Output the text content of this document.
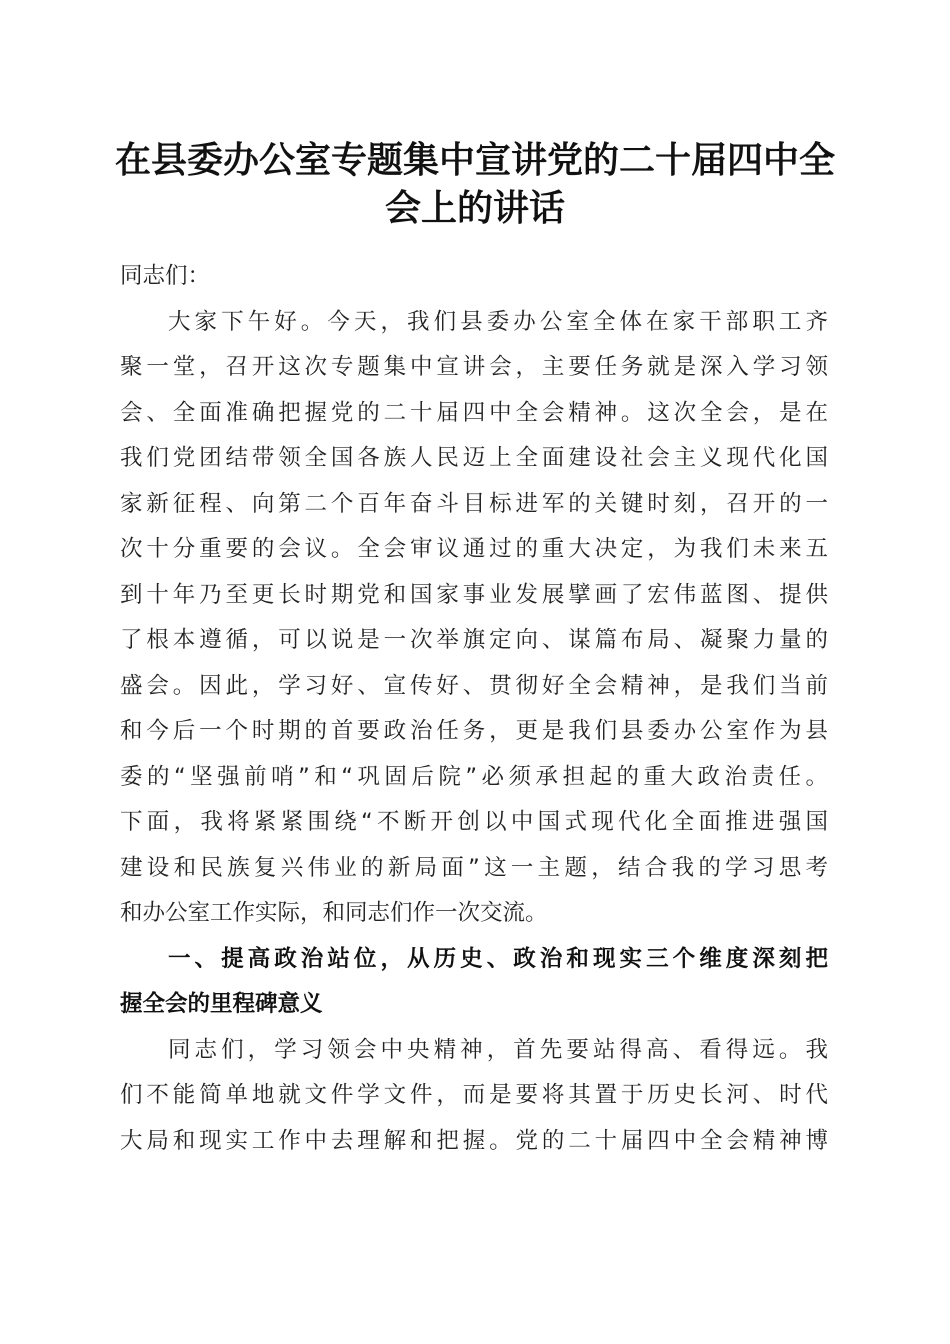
在县委办公室专题集中宣讲党的二十届四中全
会上的讲话
同志们：
大家下午好。今天，我们县委办公室全体在家干部职工齐
聚一堂，召开这次专题集中宣讲会，主要任务就是深入学习领
会、全面准确把握党的二十届四中全会精神。这次全会，是在
我们党团结带领全国各族人民迈上全面建设社会主义现代化国
家新征程、向第二个百年奋斗目标进军的关键时刻，召开的一
次十分重要的会议。全会审议通过的重大决定，为我们未来五
到十年乃至更长时期党和国家事业发展擘画了宏伟蓝图、提供
了根本遵循，可以说是一次举旗定向、谋篇布局、凝聚力量的
盛会。因此，学习好、宣传好、贯彻好全会精神，是我们当前
和今后一个时期的首要政治任务，更是我们县委办公室作为县
委的“坚强前哨”和“巩固后院”必须承担起的重大政治责任。
下面，我将紧紧围绕“不断开创以中国式现代化全面推进强国
建设和民族复兴伟业的新局面”这一主题，结合我的学习思考
和办公室工作实际，和同志们作一次交流。
一、提高政治站位，从历史、政治和现实三个维度深刻把
握全会的里程碑意义
同志们，学习领会中央精神，首先要站得高、看得远。我
们不能简单地就文件学文件，而是要将其置于历史长河、时代
大局和现实工作中去理解和把握。党的二十届四中全会精神博
